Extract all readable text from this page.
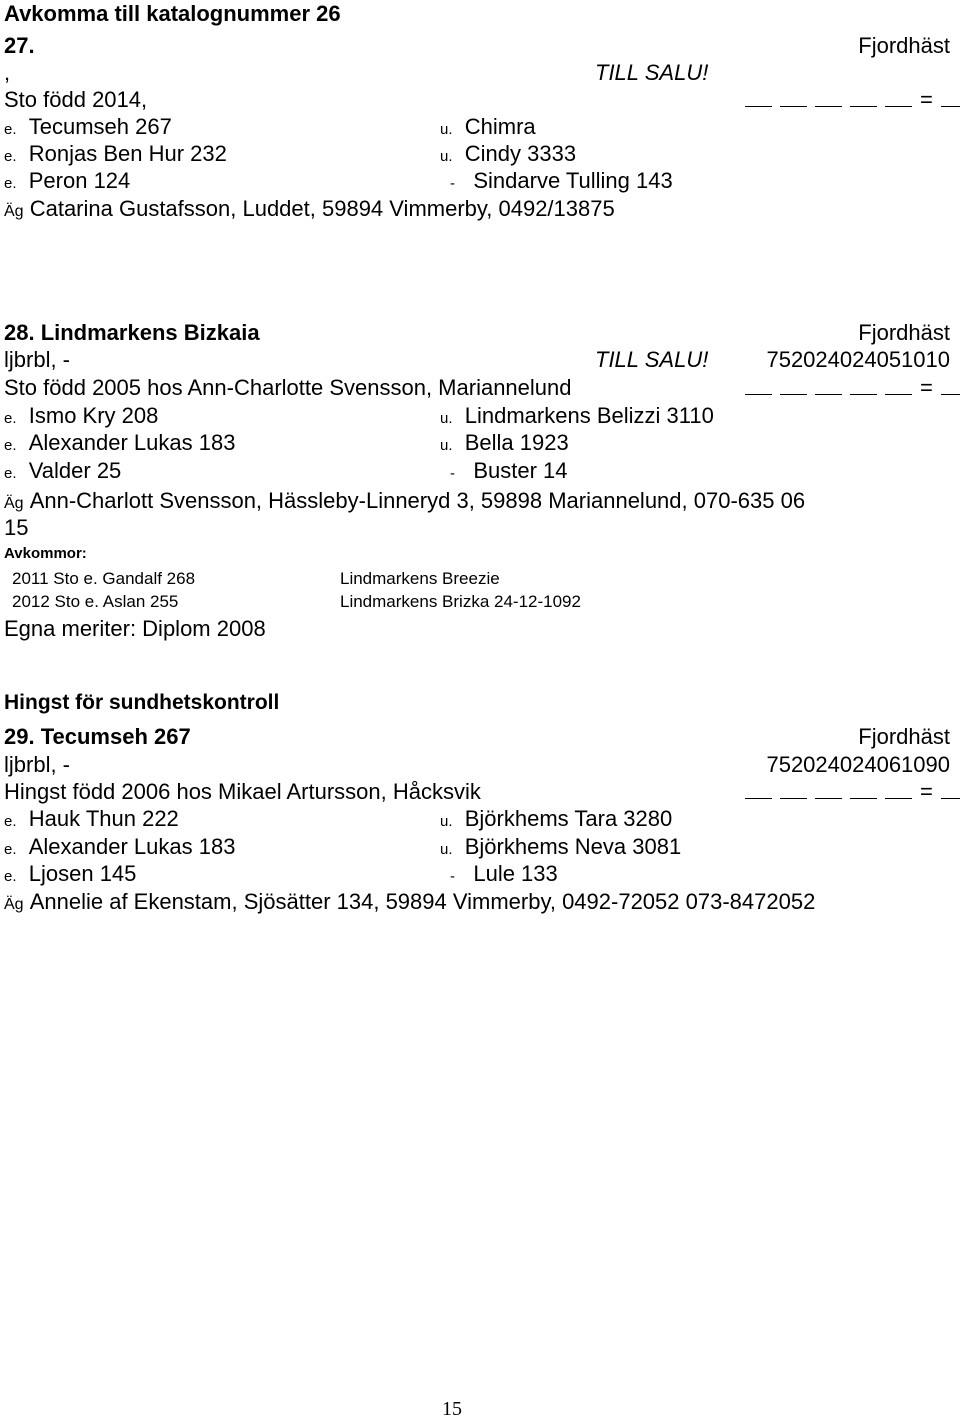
Avkomma till katalognummer 26
27.	Fjordhäst
,	TILL SALU!
Sto född 2014,	=
e. Tecumseh 267	u. Chimra
e. Ronjas Ben Hur 232	u. Cindy 3333
e. Peron 124	- Sindarve Tulling 143
Äg Catarina Gustafsson, Luddet, 59894 Vimmerby, 0492/13875
28. Lindmarkens Bizkaia	Fjordhäst
ljbrbl, -	TILL SALU!	752024024051010
Sto född 2005 hos Ann-Charlotte Svensson, Mariannelund	=
e. Ismo Kry 208	u. Lindmarkens Belizzi 3110
e. Alexander Lukas 183	u. Bella 1923
e. Valder 25	- Buster 14
Äg Ann-Charlott Svensson, Hässleby-Linneryd 3, 59898 Mariannelund, 070-635 06
15
Avkommor:
2011 Sto e. Gandalf 268	Lindmarkens Breezie
2012 Sto e. Aslan 255	Lindmarkens Brizka 24-12-1092
Egna meriter: Diplom 2008
Hingst för sundhetskontroll
29. Tecumseh 267	Fjordhäst
ljbrbl, -	752024024061090
Hingst född 2006 hos Mikael Artursson, Håcksvik	=
e. Hauk Thun 222	u. Björkhems Tara 3280
e. Alexander Lukas 183	u. Björkhems Neva 3081
e. Ljosen 145	- Lule 133
Äg Annelie af Ekenstam, Sjösätter 134, 59894 Vimmerby, 0492-72052 073-8472052
15
